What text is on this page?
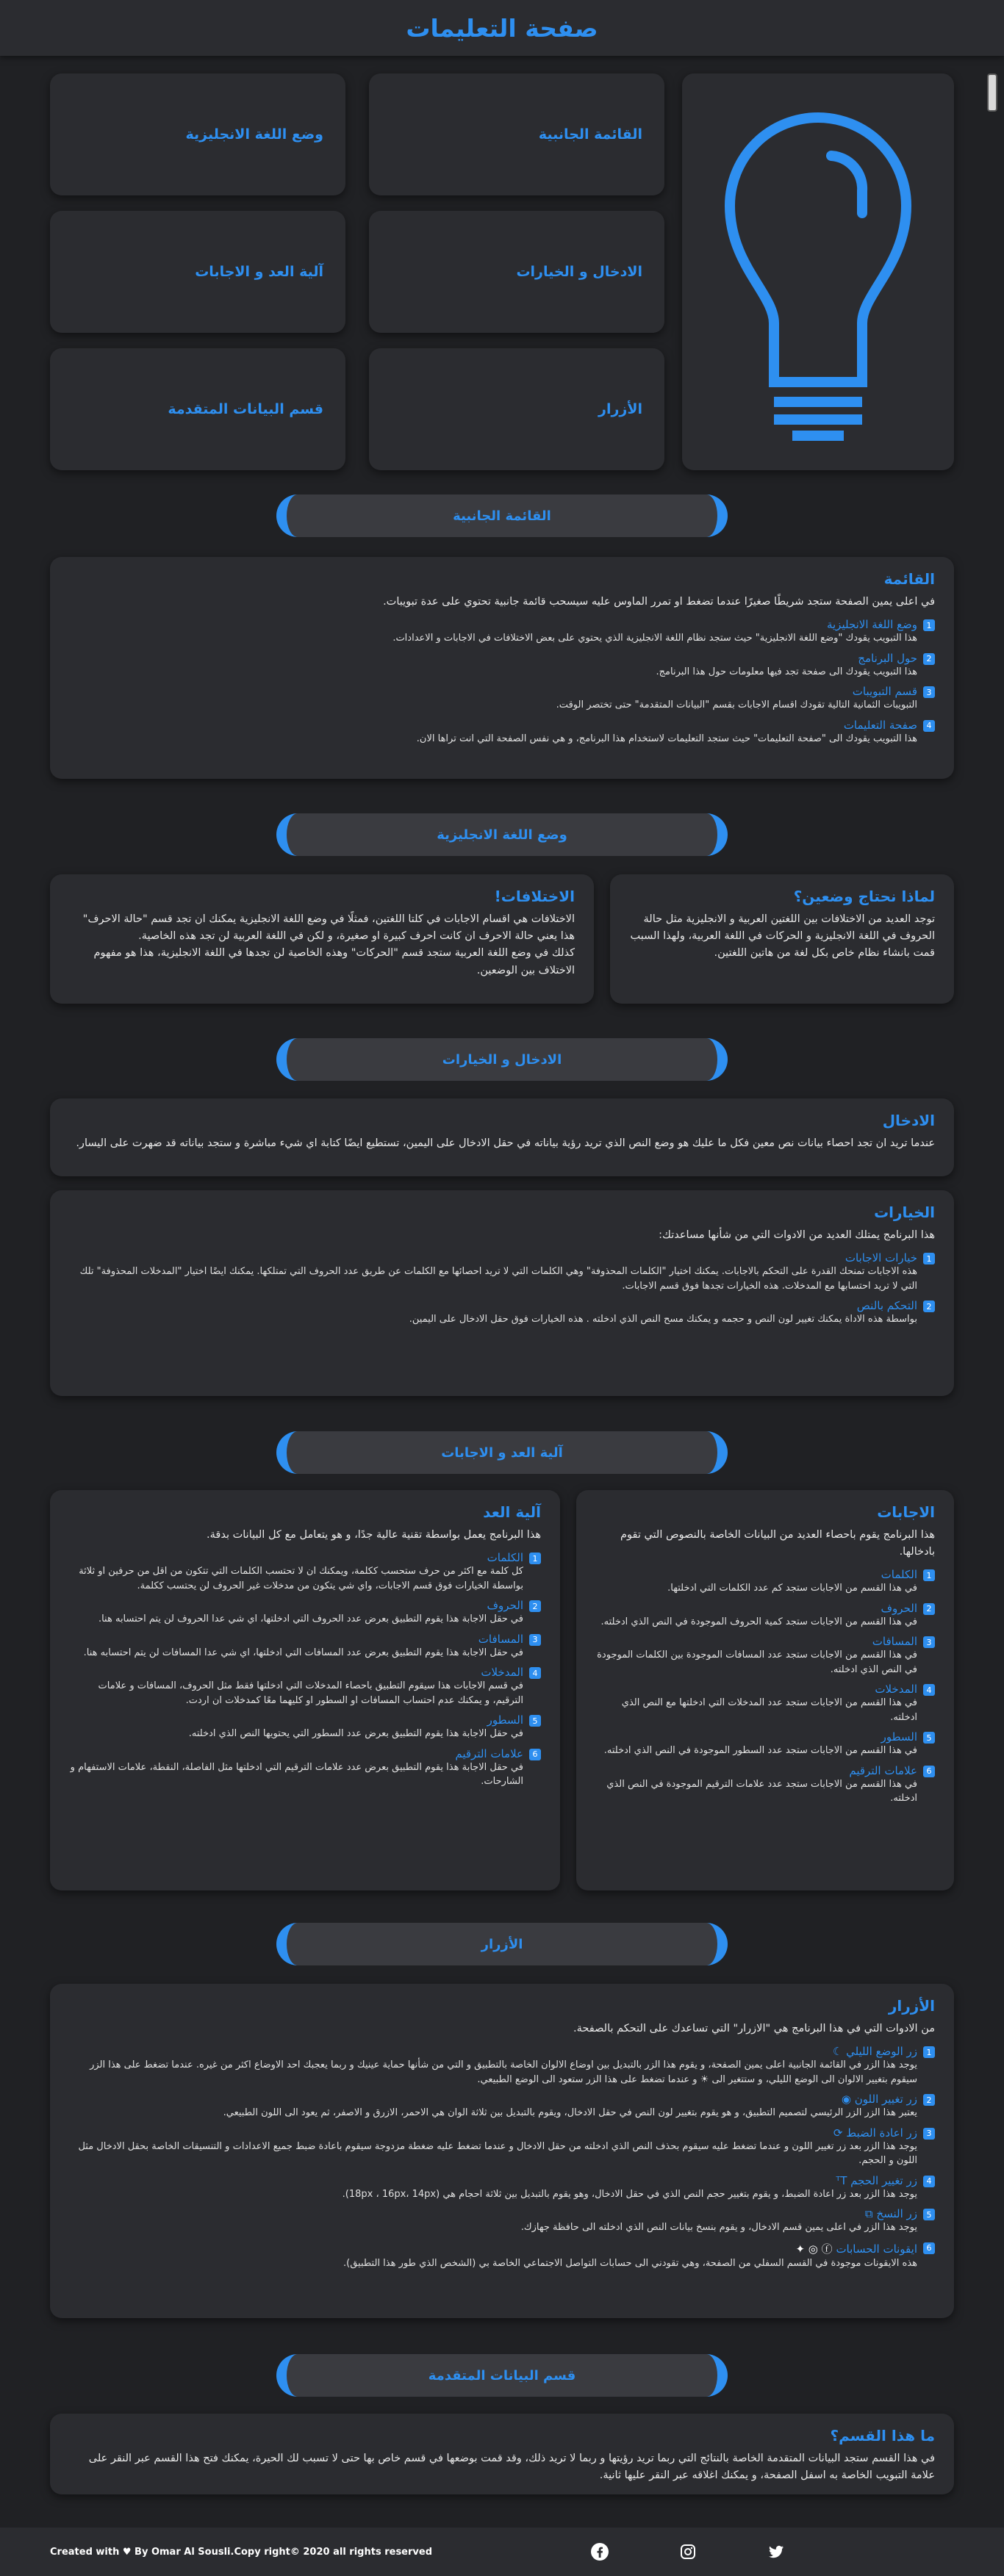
صفحة التعليمات
القائمة الجانبية
وضع اللغة الانجليزية
الادخال و الخيارات
آلية العد و الاجابات
الأزرار
قسم البيانات المتقدمة
القائمة الجانبية
القائمة

في اعلى يمين الصفحة ستجد شريطًا صغيرًا عندما تضغط او تمرر الماوس عليه سيسحب قائمة جانبية تحتوي على عدة تبويبات.

1
وضع اللغة الانجليزية
هذا التبويب يقودك "وضع اللغة الانجليزية" حيث ستجد نظام اللغة الانجليزية الذي يحتوي على بعض الاختلافات في الاجابات و الاعدادات.
2
حول البرنامج
هذا التبويب يقودك الى صفحة تجد فيها معلومات حول هذا البرنامج.
3
قسم التبويبات
التبويبات الثمانية التالية تقودك اقسام الاجابات بقسم "البيانات المتقدمة" حتى تختصر الوقت.
4
صفحة التعليمات
هذا التبويب يقودك الى "صفحة التعليمات" حيث ستجد التعليمات لاستخدام هذا البرنامج، و هي نفس الصفحة التي انت تراها الان.
وضع اللغة الانجليزية
لماذا نحتاج وضعين؟

توجد العديد من الاختلافات بين اللغتين العربية و الانجليزية مثل حالة الحروف في اللغة الانجليزية و الحركات في اللغة العربية، ولهذا السبب قمت بانشاء نظام خاص بكل لغة من هاتين اللغتين.

الاختلافات!

الاختلافات هي اقسام الاجابات في كلتا اللغتين، فمثلًا في وضع اللغة الانجليزية يمكنك ان تجد قسم "حالة الاحرف" هذا يعني حالة الاحرف ان كانت احرف كبيرة او صغيرة، و لكن في اللغة العربية لن تجد هذه الخاصية.

كذلك في وضع اللغة العربية ستجد قسم "الحركات" وهذه الخاصية لن تجدها في اللغة الانجليزية، هذا هو مفهوم الاختلاف بين الوضعين.

الادخال و الخيارات
الادخال

عندما تريد ان تجد احصاء بيانات نص معين فكل ما عليك هو وضع النص الذي تريد رؤية بياناته في حقل الادخال على اليمين، تستطيع ايضًا كتابة اي شيء مباشرة و ستجد بياناته قد ضهرت على اليسار.

الخيارات

هذا البرنامج يمتلك العديد من الادوات التي من شأنها مساعدتك:

1
خيارات الاجابات
هذه الاجابات تمنحك القدرة على التحكم بالاجابات. يمكنك اختيار "الكلمات المحذوفة" وهي الكلمات التي لا تريد احصائها مع الكلمات عن طريق عدد الحروف التي تمتلكها. يمكنك ايضًا اختيار "المدخلات المحذوفة" تلك التي لا تريد احتسابها مع المدخلات. هذه الخيارات تجدها فوق قسم الاجابات.
2
التحكم بالنص
بواسطة هذه الاداة يمكنك تغيير لون النص و حجمه و يمكنك مسح النص الذي ادخلته . هذه الخيارات فوق حقل الادخال على اليمين.
آلية العد و الاجابات
الاجابات

هذا البرنامج يقوم باحصاء العديد من البيانات الخاصة بالنصوص التي تقوم بادخالها.

1
الكلمات
في هذا القسم من الاجابات ستجد كم عدد الكلمات التي ادخلتها.
2
الحروف
في هذا القسم من الاجابات ستجد كمية الحروف الموجودة في النص الذي ادخلته.
3
المسافات
في هذا القسم من الاجابات ستجد عدد المسافات الموجودة بين الكلمات الموجودة في النص الذي ادخلته.
4
المدخلات
في هذا القسم من الاجابات ستجد عدد المدخلات التي ادخلتها مع النص الذي ادخلته.
5
السطور
في هذا القسم من الاجابات ستجد عدد السطور الموجودة في النص الذي ادخلته.
6
علامات الترقيم
في هذا القسم من الاجابات ستجد عدد علامات الترقيم الموجودة في النص الذي ادخلته.
آلية العد

هذا البرنامج يعمل بواسطة تقنية عالية جدًا، و هو يتعامل مع كل البيانات بدقة.

1
الكلمات
كل كلمة مع اكثر من حرف ستحسب ككلمة، ويمكنك ان لا تحتسب الكلمات التي تتكون من اقل من حرفين او ثلاثة بواسطة الخيارات فوق قسم الاجابات، واي شي يتكون من مدخلات غير الحروف لن يحتسب ككلمة.
2
الحروف
في حقل الاجابة هذا يقوم التطبيق بعرض عدد الحروف التي ادخلتها، اي شي عدا الحروف لن يتم احتسابه هنا.
3
المسافات
في حقل الاجابة هذا يقوم التطبيق بعرض عدد المسافات التي ادخلتها، اي شي عدا المسافات لن يتم احتسابه هنا.
4
المدخلات
في قسم الاجابات هذا سيقوم التطبيق باحصاء المدخلات التي ادخلتها فقط مثل الحروف، المسافات و علامات الترقيم، و يمكنك عدم احتساب المسافات او السطور او كليهما معًا كمدخلات ان اردت.
5
السطور
في حقل الاجابة هذا يقوم التطبيق بعرض عدد السطور التي يحتويها النص الذي ادخلته.
6
علامات الترقيم
في حقل الاجابة هذا يقوم التطبيق بعرض عدد علامات الترقيم التي ادخلتها مثل الفاصلة، النقطة، علامات الاستفهام و الشارحات.
الأزرار
الأزرار

من الادوات التي في هذا البرنامج هي "الازرار" التي تساعدك على التحكم بالصفحة.

1
زر الوضع الليلي ☾
يوجد هذا الزر في القائمة الجانبية اعلى يمين الصفحة، و يقوم هذا الزر بالتبديل بين اوضاع الالوان الخاصة بالتطبيق و التي من شأنها حماية عينيك و ربما يعجبك احد الاوضاع اكثر من غيره. عندما تضغط على هذا الزر سيقوم بتغيير الالوان الى الوضع الليلي، و ستتغير الى ☀ و عندما تضغط على هذا الزر ستعود الى الوضع الطبيعي.
2
زر تغيير اللون ◉
يعتبر هذا الزر الزر الرئيسي لتصميم التطبيق، و هو يقوم بتغيير لون النص في حقل الادخال، ويقوم بالتبديل بين ثلاثة الوان هي الاحمر، الازرق و الاصفر، ثم يعود الى اللون الطبيعي.
3
زر اعادة الضبط ⟳
يوجد هذا الزر بعد زر تغيير اللون و عندما تضغط عليه سيقوم بحذف النص الذي ادخلته من حقل الادخال و عندما تضغط عليه ضغطة مزدوجة سيقوم باعادة ضبط جميع الاعدادات و التنسيقات الخاصة بحقل الادخال مثل اللون و الحجم.
4
زر تغيير الحجم ᵀT
يوجد هذا الزر بعد زر اعادة الضبط، و يقوم بتغيير حجم النص الذي في حقل الادخال، وهو يقوم بالتبديل بين ثلاثة احجام هي (18px ، 16px، 14px).
5
زر النسخ ⧉
يوجد هذا الزر في اعلى يمين قسم الادخال، و يقوم بنسخ بيانات النص الذي ادخلته الى حافظة جهازك.
6
ايقونات الحسابات ⓕ ◎ ✦
هذه الايقونات موجودة في القسم السفلي من الصفحة، وهي تقودني الى حسابات التواصل الاجتماعي الخاصة بي (الشخص الذي طور هذا التطبيق).
قسم البيانات المتقدمة
ما هذا القسم؟

في هذا القسم ستجد البيانات المتقدمة الخاصة بالنتائج التي ربما تريد رؤيتها و ربما لا تريد ذلك، وقد قمت بوضعها في قسم خاص بها حتى لا تسبب لك الحيرة، يمكنك فتح هذا القسم عبر النقر على علامة التبويب الخاصة به اسفل الصفحة، و يمكنك اغلاقه عبر النقر عليها ثانية.

Created with ♥ By Omar Al Sousli.Copy right© 2020 all rights reserved
